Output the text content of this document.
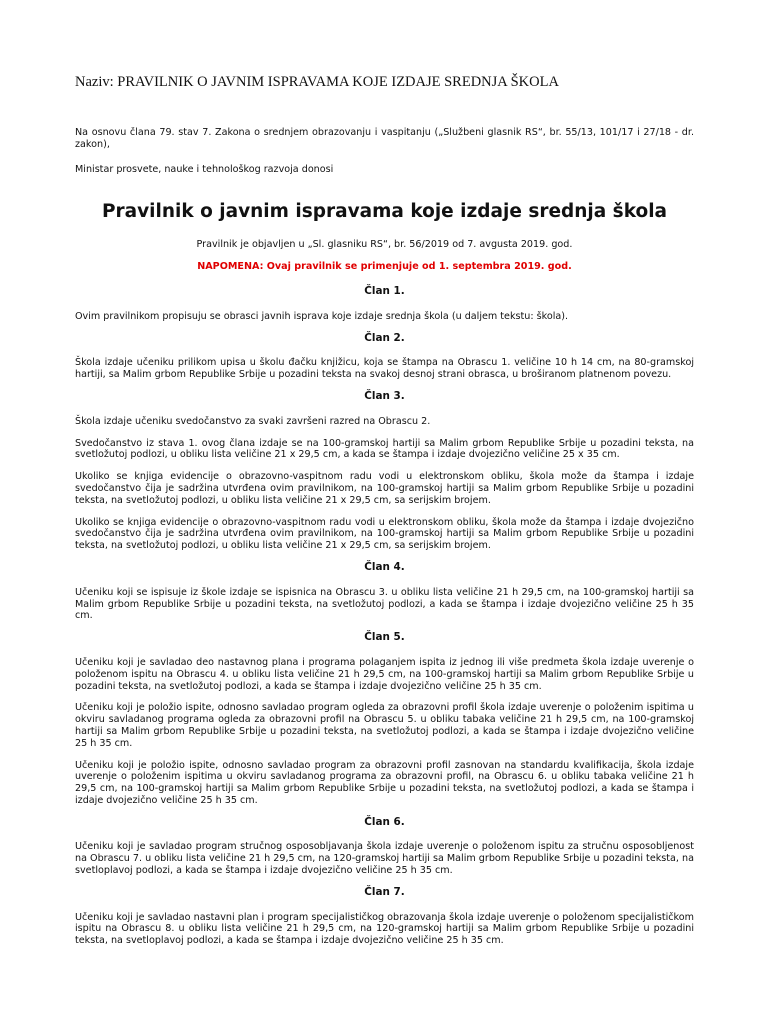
Naziv: PRAVILNIK O JAVNIM ISPRAVAMA KOJE IZDAJE SREDNJA ŠKOLA

Na osnovu člana 79. stav 7. Zakona o srednjem obrazovanju i vaspitanju („Službeni glasnik RS“, br. 55/13, 101/17 i 27/18 - dr. zakon),

Ministar prosvete, nauke i tehnološkog razvoja donosi

Pravilnik o javnim ispravama koje izdaje srednja škola

Pravilnik je objavljen u „Sl. glasniku RS“, br. 56/2019 od 7. avgusta 2019. god.

NAPOMENA: Ovaj pravilnik se primenjuje od 1. septembra 2019. god.

Član 1.

Ovim pravilnikom propisuju se obrasci javnih isprava koje izdaje srednja škola (u daljem tekstu: škola).

Član 2.

Škola izdaje učeniku prilikom upisa u školu đačku knjižicu, koja se štampa na Obrascu 1. veličine 10 h 14 cm, na 80-gramskoj hartiji, sa Malim grbom Republike Srbije u pozadini teksta na svakoj desnoj strani obrasca, u broširanom platnenom povezu.

Član 3.

Škola izdaje učeniku svedočanstvo za svaki završeni razred na Obrascu 2.

Svedočanstvo iz stava 1. ovog člana izdaje se na 100-gramskoj hartiji sa Malim grbom Republike Srbije u pozadini teksta, na svetložutoj podlozi, u obliku lista veličine 21 x 29,5 cm, a kada se štampa i izdaje dvojezično veličine 25 x 35 cm.

Ukoliko se knjiga evidencije o obrazovno-vaspitnom radu vodi u elektronskom obliku, škola može da štampa i izdaje svedočanstvo čija je sadržina utvrđena ovim pravilnikom, na 100-gramskoj hartiji sa Malim grbom Republike Srbije u pozadini teksta, na svetložutoj podlozi, u obliku lista veličine 21 x 29,5 cm, sa serijskim brojem.

Ukoliko se knjiga evidencije o obrazovno-vaspitnom radu vodi u elektronskom obliku, škola može da štampa i izdaje dvojezično svedočanstvo čija je sadržina utvrđena ovim pravilnikom, na 100-gramskoj hartiji sa Malim grbom Republike Srbije u pozadini teksta, na svetložutoj podlozi, u obliku lista veličine 21 x 29,5 cm, sa serijskim brojem.

Član 4.

Učeniku koji se ispisuje iz škole izdaje se ispisnica na Obrascu 3. u obliku lista veličine 21 h 29,5 cm, na 100-gramskoj hartiji sa Malim grbom Republike Srbije u pozadini teksta, na svetložutoj podlozi, a kada se štampa i izdaje dvojezično veličine 25 h 35 cm.

Član 5.

Učeniku koji je savladao deo nastavnog plana i programa polaganjem ispita iz jednog ili više predmeta škola izdaje uverenje o položenom ispitu na Obrascu 4. u obliku lista veličine 21 h 29,5 cm, na 100-gramskoj hartiji sa Malim grbom Republike Srbije u pozadini teksta, na svetložutoj podlozi, a kada se štampa i izdaje dvojezično veličine 25 h 35 cm.

Učeniku koji je položio ispite, odnosno savladao program ogleda za obrazovni profil škola izdaje uverenje o položenim ispitima u okviru savladanog programa ogleda za obrazovni profil na Obrascu 5. u obliku tabaka veličine 21 h 29,5 cm, na 100-gramskoj hartiji sa Malim grbom Republike Srbije u pozadini teksta, na svetložutoj podlozi, a kada se štampa i izdaje dvojezično veličine 25 h 35 cm.

Učeniku koji je položio ispite, odnosno savladao program za obrazovni profil zasnovan na standardu kvalifikacija, škola izdaje uverenje o položenim ispitima u okviru savladanog programa za obrazovni profil, na Obrascu 6. u obliku tabaka veličine 21 h 29,5 cm, na 100-gramskoj hartiji sa Malim grbom Republike Srbije u pozadini teksta, na svetložutoj podlozi, a kada se štampa i izdaje dvojezično veličine 25 h 35 cm.

Član 6.

Učeniku koji je savladao program stručnog osposobljavanja škola izdaje uverenje o položenom ispitu za stručnu osposobljenost na Obrascu 7. u obliku lista veličine 21 h 29,5 cm, na 120-gramskoj hartiji sa Malim grbom Republike Srbije u pozadini teksta, na svetloplavoj podlozi, a kada se štampa i izdaje dvojezično veličine 25 h 35 cm.

Član 7.

Učeniku koji je savladao nastavni plan i program specijalističkog obrazovanja škola izdaje uverenje o položenom specijalističkom ispitu na Obrascu 8. u obliku lista veličine 21 h 29,5 cm, na 120-gramskoj hartiji sa Malim grbom Republike Srbije u pozadini teksta, na svetloplavoj podlozi, a kada se štampa i izdaje dvojezično veličine 25 h 35 cm.
